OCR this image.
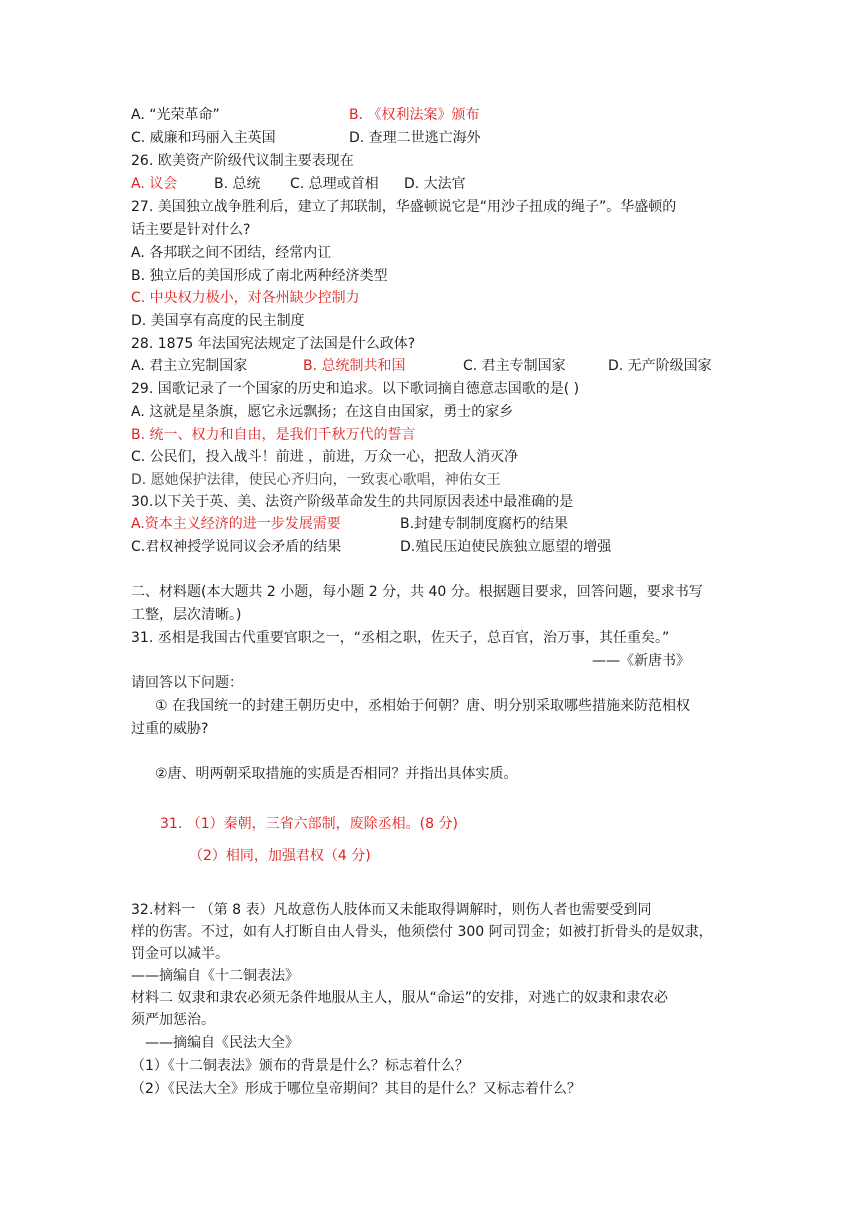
A. “光荣革命”	B. 《权利法案》颁布
C. 威廉和玛丽入主英国	D. 查理二世逃亡海外
26. 欧美资产阶级代议制主要表现在
A. 议会	B. 总统 C. 总理或首相 D. 大法官
27. 美国独立战争胜利后，建立了邦联制，华盛顿说它是“用沙子扭成的绳子”。华盛顿的
话主要是针对什么?
A. 各邦联之间不团结，经常内讧
B. 独立后的美国形成了南北两种经济类型
C. 中央权力极小，对各州缺少控制力
D. 美国享有高度的民主制度
28. 1875 年法国宪法规定了法国是什么政体?
A. 君主立宪制国家	B. 总统制共和国	C. 君主专制国家	D. 无产阶级国家
29. 国歌记录了一个国家的历史和追求。以下歌词摘自德意志国歌的是( )
A. 这就是星条旗，愿它永远飘扬；在这自由国家，勇士的家乡
B. 统一、权力和自由，是我们千秋万代的誓言
C. 公民们，投入战斗！前进 ，前进，万众一心，把敌人消灭净
D. 愿她保护法律，使民心齐归向，一致衷心歌唱，神佑女王
30.以下关于英、美、法资产阶级革命发生的共同原因表述中最准确的是
A.资本主义经济的进一步发展需要	B.封建专制制度腐朽的结果
C.君权神授学说同议会矛盾的结果	D.殖民压迫使民族独立愿望的增强
二、材料题(本大题共 2 小题，每小题 2 分，共 40 分。根据题目要求，回答问题，要求书写
工整，层次清晰。)
31. 丞相是我国古代重要官职之一，“丞相之职，佐天子，总百官，治万事，其任重矣。”
——《新唐书》
请回答以下问题：
① 在我国统一的封建王朝历史中，丞相始于何朝？唐、明分别采取哪些措施来防范相权
过重的威胁?
②唐、明两朝采取措施的实质是否相同？并指出具体实质。
31. （1）秦朝，三省六部制，废除丞相。(8 分)
（2）相同，加强君权（4 分)
32.材料一 （第 8 表）凡故意伤人肢体而又未能取得调解时，则伤人者也需要受到同
样的伤害。不过，如有人打断自由人骨头，他须偿付 300 阿司罚金；如被打折骨头的是奴隶，
罚金可以减半。
——摘编自《十二铜表法》
材料二 奴隶和隶农必须无条件地服从主人，服从“命运”的安排，对逃亡的奴隶和隶农必
须严加惩治。
——摘编自《民法大全》
（1）《十二铜表法》颁布的背景是什么？标志着什么？
（2）《民法大全》形成于哪位皇帝期间？其目的是什么？又标志着什么？
